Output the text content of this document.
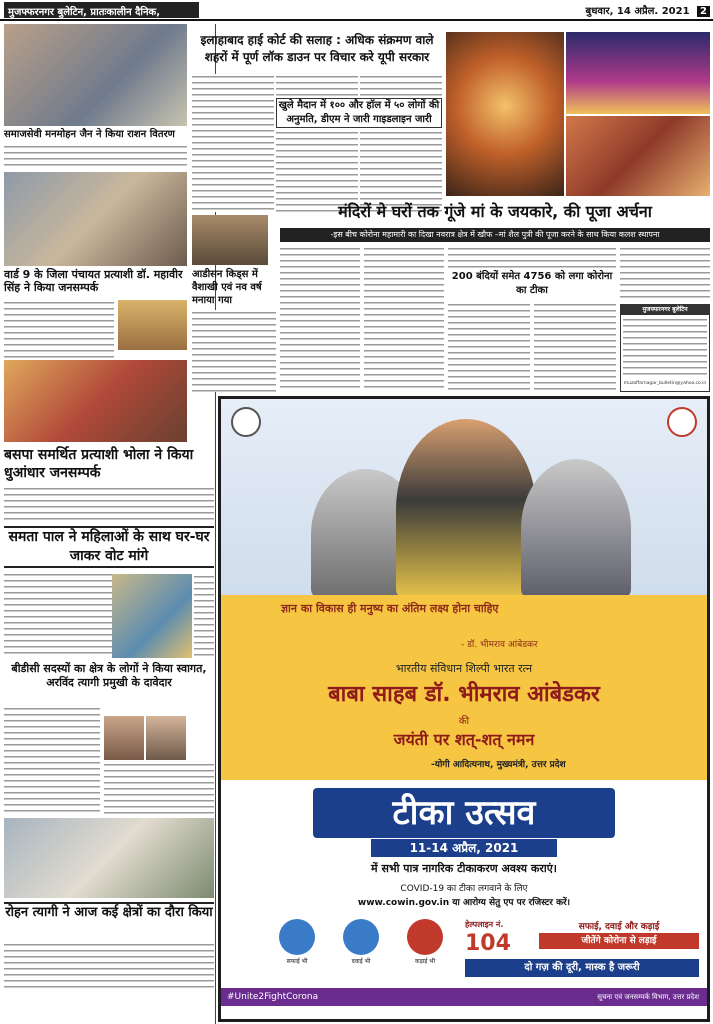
मुजफ्फरनगर बुलेटिन, प्रातःकालीन दैनिक,	बुधवार, 14 अप्रैल. 2021 2
समाजसेवी मनमोहन जैन ने किया राशन वितरण
वार्ड 9 के जिला पंचायत प्रत्याशी डॉ. महावीर सिंह ने किया जनसम्पर्क
बसपा समर्थित प्रत्याशी भोला ने किया धुआंधार जनसम्पर्क
समता पाल ने महिलाओं के साथ घर-घर जाकर वोट मांगे
बीडीसी सदस्यों का क्षेत्र के लोगों ने किया स्वागत, अरविंद त्यागी प्रमुखी के दावेदार
रोहन त्यागी ने आज कई क्षेत्रों का दौरा किया
इलाहाबाद हाई कोर्ट की सलाह : अधिक संक्रमण वाले शहरों में पूर्ण लॉक डाउन पर विचार करे यूपी सरकार
खुले मैदान में १०० और हॉल में ५० लोगों की अनुमति, डीएम ने जारी गाइडलाइन जारी
आडीसन किड्स में वैशाखी एवं नव वर्ष मनाया गया
मंदिरों मे घरों तक गूंजे मां के जयकारे, की पूजा अर्चना
-इस बीच कोरोना महामारी का दिखा नवरात्र क्षेत्र में खौफ –मां शैल पुत्री की पूजा करने के साथ किया कलश स्थापना
200 बंदियों समेत 4756 को लगा कोरोना का टीका
मुजफ्फरनगर बुलेटिन
muzaffarnagar_bulletin@yahoo.co.in
ज्ञान का विकास ही मनुष्य का अंतिम लक्ष्य होना चाहिए
- डॉ. भीमराव आंबेडकर
भारतीय संविधान शिल्पी भारत रत्न
बाबा साहब डॉ. भीमराव आंबेडकर
की
जयंती पर शत्-शत् नमन
-योगी आदित्यनाथ, मुख्यमंत्री, उत्तर प्रदेश
टीका उत्सव
11-14 अप्रैल, 2021
में सभी पात्र नागरिक टीकाकरण अवश्य कराएं।
COVID-19 का टीका लगवाने के लिए
www.cowin.gov.in या आरोग्य सेतु एप पर रजिस्टर करें।
सफाई भी	दवाई भी	कड़ाई भी
हेल्पलाइन नं.
104
सफाई, दवाई और कड़ाई
जीतेंगे कोरोना से लड़ाई
दो गज़ की दूरी, मास्क है जरूरी
#Unite2FightCorona	सूचना एवं जनसम्पर्क विभाग, उत्तर प्रदेश
